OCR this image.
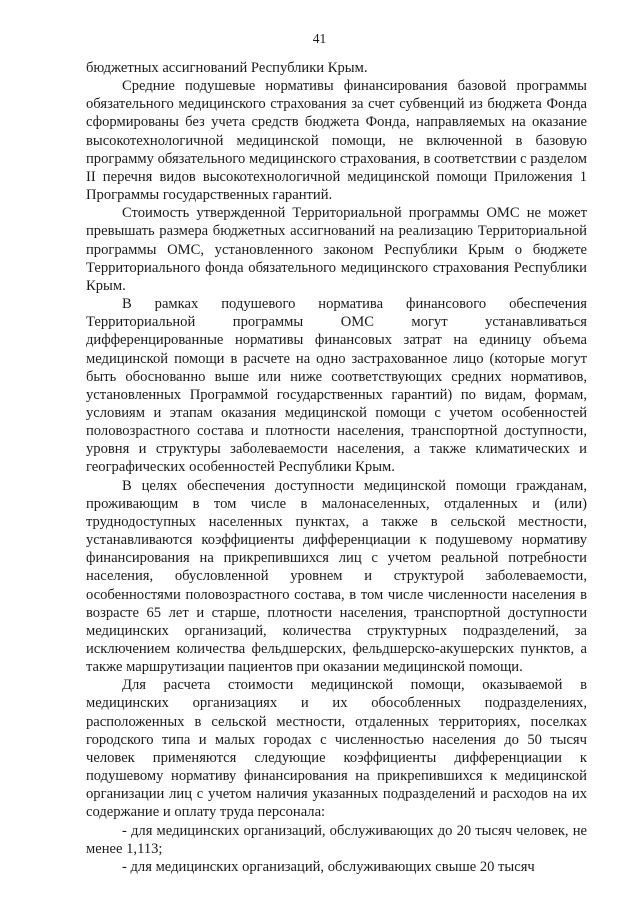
41

бюджетных ассигнований Республики Крым.

Средние подушевые нормативы финансирования базовой программы обязательного медицинского страхования за счет субвенций из бюджета Фонда сформированы без учета средств бюджета Фонда, направляемых на оказание высокотехнологичной медицинской помощи, не включенной в базовую программу обязательного медицинского страхования, в соответствии с разделом II перечня видов высокотехнологичной медицинской помощи Приложения 1 Программы государственных гарантий.

Стоимость утвержденной Территориальной программы ОМС не может превышать размера бюджетных ассигнований на реализацию Территориальной программы ОМС, установленного законом Республики Крым о бюджете Территориального фонда обязательного медицинского страхования Республики Крым.

В рамках подушевого норматива финансового обеспечения Территориальной программы ОМС могут устанавливаться дифференцированные нормативы финансовых затрат на единицу объема медицинской помощи в расчете на одно застрахованное лицо (которые могут быть обоснованно выше или ниже соответствующих средних нормативов, установленных Программой государственных гарантий) по видам, формам, условиям и этапам оказания медицинской помощи с учетом особенностей половозрастного состава и плотности населения, транспортной доступности, уровня и структуры заболеваемости населения, а также климатических и географических особенностей Республики Крым.

В целях обеспечения доступности медицинской помощи гражданам, проживающим в том числе в малонаселенных, отдаленных и (или) труднодоступных населенных пунктах, а также в сельской местности, устанавливаются коэффициенты дифференциации к подушевому нормативу финансирования на прикрепившихся лиц с учетом реальной потребности населения, обусловленной уровнем и структурой заболеваемости, особенностями половозрастного состава, в том числе численности населения в возрасте 65 лет и старше, плотности населения, транспортной доступности медицинских организаций, количества структурных подразделений, за исключением количества фельдшерских, фельдшерско-акушерских пунктов, а также маршрутизации пациентов при оказании медицинской помощи.

Для расчета стоимости медицинской помощи, оказываемой в медицинских организациях и их обособленных подразделениях, расположенных в сельской местности, отдаленных территориях, поселках городского типа и малых городах с численностью населения до 50 тысяч человек применяются следующие коэффициенты дифференциации к подушевому нормативу финансирования на прикрепившихся к медицинской организации лиц с учетом наличия указанных подразделений и расходов на их содержание и оплату труда персонала:

- для медицинских организаций, обслуживающих до 20 тысяч человек, не менее 1,113;

- для медицинских организаций, обслуживающих свыше 20 тысяч
